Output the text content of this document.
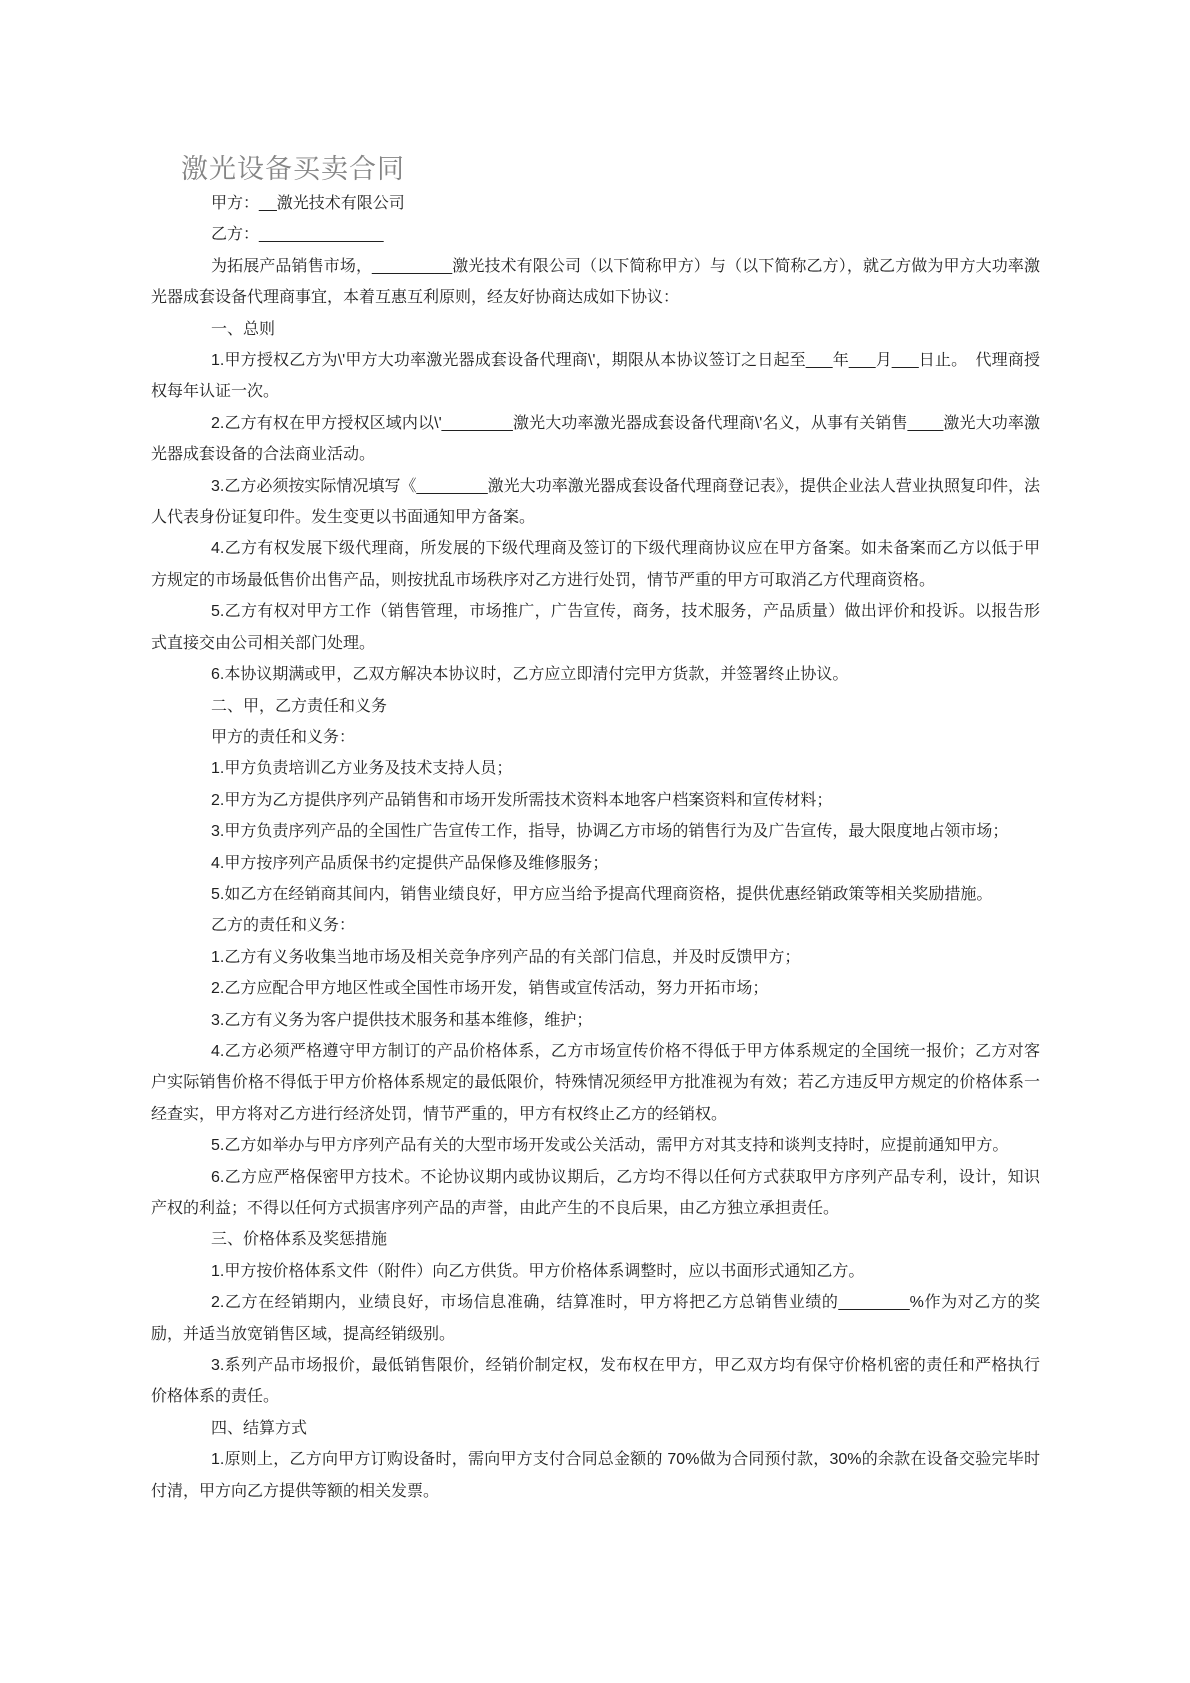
激光设备买卖合同

甲方：__激光技术有限公司

乙方：______________

为拓展产品销售市场，_________激光技术有限公司（以下简称甲方）与（以下简称乙方），就乙方做为甲方大功率激光器成套设备代理商事宜，本着互惠互利原则，经友好协商达成如下协议：

一、总则

1.甲方授权乙方为\'甲方大功率激光器成套设备代理商\'，期限从本协议签订之日起至___年___月___日止。　代理商授权每年认证一次。

2.乙方有权在甲方授权区域内以\'________激光大功率激光器成套设备代理商\'名义，从事有关销售____激光大功率激光器成套设备的合法商业活动。

3.乙方必须按实际情况填写《________激光大功率激光器成套设备代理商登记表》，提供企业法人营业执照复印件，法人代表身份证复印件。发生变更以书面通知甲方备案。

4.乙方有权发展下级代理商，所发展的下级代理商及签订的下级代理商协议应在甲方备案。如未备案而乙方以低于甲方规定的市场最低售价出售产品，则按扰乱市场秩序对乙方进行处罚，情节严重的甲方可取消乙方代理商资格。

5.乙方有权对甲方工作（销售管理，市场推广，广告宣传，商务，技术服务，产品质量）做出评价和投诉。以报告形式直接交由公司相关部门处理。

6.本协议期满或甲，乙双方解决本协议时，乙方应立即清付完甲方货款，并签署终止协议。

二、甲，乙方责任和义务

甲方的责任和义务：

1.甲方负责培训乙方业务及技术支持人员；

2.甲方为乙方提供序列产品销售和市场开发所需技术资料本地客户档案资料和宣传材料；

3.甲方负责序列产品的全国性广告宣传工作，指导，协调乙方市场的销售行为及广告宣传，最大限度地占领市场；

4.甲方按序列产品质保书约定提供产品保修及维修服务；

5.如乙方在经销商其间内，销售业绩良好，甲方应当给予提高代理商资格，提供优惠经销政策等相关奖励措施。

乙方的责任和义务：

1.乙方有义务收集当地市场及相关竞争序列产品的有关部门信息，并及时反馈甲方；

2.乙方应配合甲方地区性或全国性市场开发，销售或宣传活动，努力开拓市场；

3.乙方有义务为客户提供技术服务和基本维修，维护；

4.乙方必须严格遵守甲方制订的产品价格体系，乙方市场宣传价格不得低于甲方体系规定的全国统一报价；乙方对客户实际销售价格不得低于甲方价格体系规定的最低限价，特殊情况须经甲方批准视为有效；若乙方违反甲方规定的价格体系一经查实，甲方将对乙方进行经济处罚，情节严重的，甲方有权终止乙方的经销权。

5.乙方如举办与甲方序列产品有关的大型市场开发或公关活动，需甲方对其支持和谈判支持时，应提前通知甲方。

6.乙方应严格保密甲方技术。不论协议期内或协议期后，乙方均不得以任何方式获取甲方序列产品专利，设计，知识产权的利益；不得以任何方式损害序列产品的声誉，由此产生的不良后果，由乙方独立承担责任。

三、价格体系及奖惩措施

1.甲方按价格体系文件（附件）向乙方供货。甲方价格体系调整时，应以书面形式通知乙方。

2.乙方在经销期内，业绩良好，市场信息准确，结算准时，甲方将把乙方总销售业绩的________%作为对乙方的奖励，并适当放宽销售区域，提高经销级别。

3.系列产品市场报价，最低销售限价，经销价制定权，发布权在甲方，甲乙双方均有保守价格机密的责任和严格执行价格体系的责任。

四、结算方式

1.原则上，乙方向甲方订购设备时，需向甲方支付合同总金额的 70%做为合同预付款，30%的余款在设备交验完毕时付清，甲方向乙方提供等额的相关发票。
